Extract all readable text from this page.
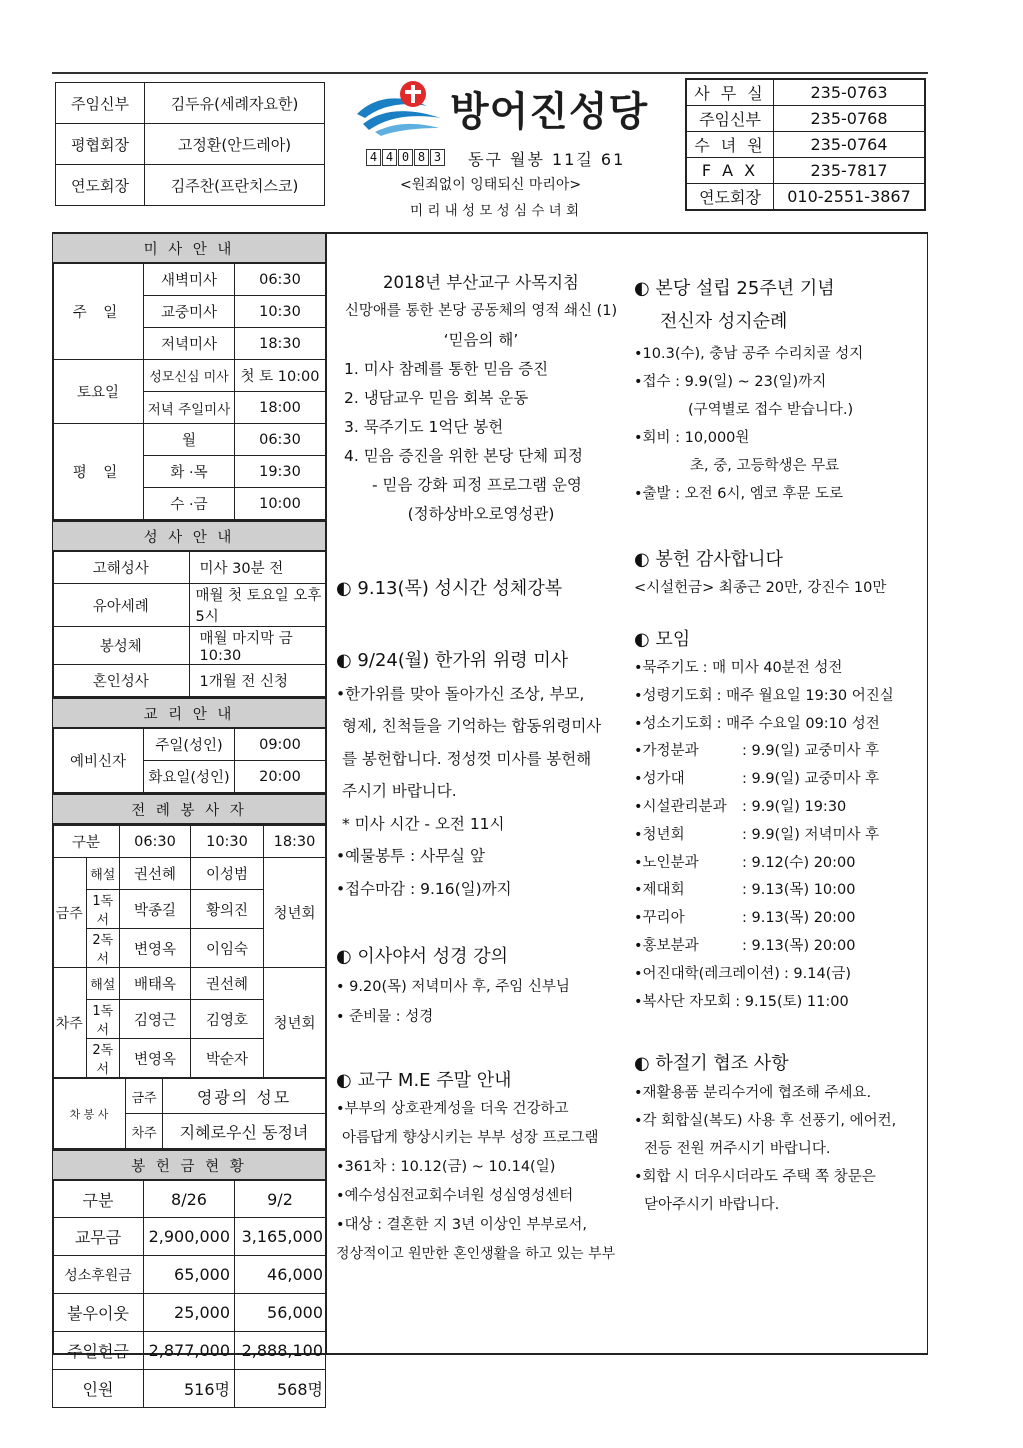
주임신부	김두유(세례자요한)
평협회장	고정환(안드레아)
연도회장	김주찬(프란치스코)
방어진성당
4 4 0 8 3	동구 월봉 11길 61
<원죄없이 잉태되신 마리아>
미 리 내 성 모 성 심 수 녀 회
사 무 실	235-0763
주임신부	235-0768
수 녀 원	235-0764
F A X	235-7817
연도회장	010-2551-3867
미 사 안 내		
주 일	새벽미사	06:30
	교중미사	10:30
	저녁미사	18:30
토요일	성모신심 미사	첫 토 10:00
	저녁 주일미사	18:00
평 일	월	06:30
	화 ·목	19:30
	수 ·금	10:00
성 사 안 내	
고해성사	미사 30분 전
유아세례	매월 첫 토요일 오후 5시
봉성체	매월 마지막 금 10:30
혼인성사	1개월 전 신청
교 리 안 내		
예비신자	주일(성인)	09:00
	화요일(성인)	20:00
전 례 봉 사 자
구분		06:30	10:30	18:30
금주	해설	권선혜	이성범	청년회
	1독서	박종길	황의진	
	2독서	변영옥	이임숙	
차주	해설	배태옥	권선혜	청년회
	1독서	김영근	김영호	
	2독서	변영옥	박순자	
차 봉 사	금주	영광의 성모
	차주	지혜로우신 동정녀
봉 헌 금 현 황		
구분	8/26	9/2
교무금	2,900,000	3,165,000
성소후원금	65,000	46,000
불우이웃	25,000	56,000
주일헌금	2,877,000	2,888,100
인원	516명	568명
2018년 부산교구 사목지침
신망애를 통한 본당 공동체의 영적 쇄신 (1)
‘믿음의 해’
1. 미사 참례를 통한 믿음 증진
2. 냉담교우 믿음 회복 운동
3. 묵주기도 1억단 봉헌
4. 믿음 증진을 위한 본당 단체 피정
- 믿음 강화 피정 프로그램 운영
(정하상바오로영성관)
◐ 9.13(목) 성시간 성체강복
◐ 9/24(월) 한가위 위령 미사
•한가위를 맞아 돌아가신 조상, 부모,
형제, 친척들을 기억하는 합동위령미사
를 봉헌합니다. 정성껏 미사를 봉헌해
주시기 바랍니다.
* 미사 시간 - 오전 11시
•예물봉투 : 사무실 앞
•접수마감 : 9.16(일)까지
◐ 이사야서 성경 강의
• 9.20(목) 저녁미사 후, 주임 신부님
• 준비물 : 성경
◐ 교구 M.E 주말 안내
•부부의 상호관계성을 더욱 건강하고
아름답게 향상시키는 부부 성장 프로그램
•361차 : 10.12(금) ~ 10.14(일)
•예수성심전교회수녀원 성심영성센터
•대상 : 결혼한 지 3년 이상인 부부로서,
정상적이고 원만한 혼인생활을 하고 있는 부부
◐ 본당 설립 25주년 기념
전신자 성지순례
•10.3(수), 충남 공주 수리치골 성지
•접수 : 9.9(일) ~ 23(일)까지
(구역별로 접수 받습니다.)
•회비 : 10,000원
초, 중, 고등학생은 무료
•출발 : 오전 6시, 엠코 후문 도로
◐ 봉헌 감사합니다
<시설헌금> 최종근 20만, 강진수 10만
◐ 모임
•묵주기도 : 매 미사 40분전 성전
•성령기도회 : 매주 월요일 19:30 어진실
•성소기도회 : 매주 수요일 09:10 성전
•가정분과	: 9.9(일) 교중미사 후
•성가대	: 9.9(일) 교중미사 후
•시설관리분과	: 9.9(일) 19:30
•청년회	: 9.9(일) 저녁미사 후
•노인분과	: 9.12(수) 20:00
•제대회	: 9.13(목) 10:00
•꾸리아	: 9.13(목) 20:00
•홍보분과	: 9.13(목) 20:00
•어진대학(레크레이션) : 9.14(금)
•복사단 자모회 : 9.15(토) 11:00
◐ 하절기 협조 사항
•재활용품 분리수거에 협조해 주세요.
•각 회합실(복도) 사용 후 선풍기, 에어컨,
전등 전원 꺼주시기 바랍니다.
•회합 시 더우시더라도 주택 쪽 창문은
닫아주시기 바랍니다.
